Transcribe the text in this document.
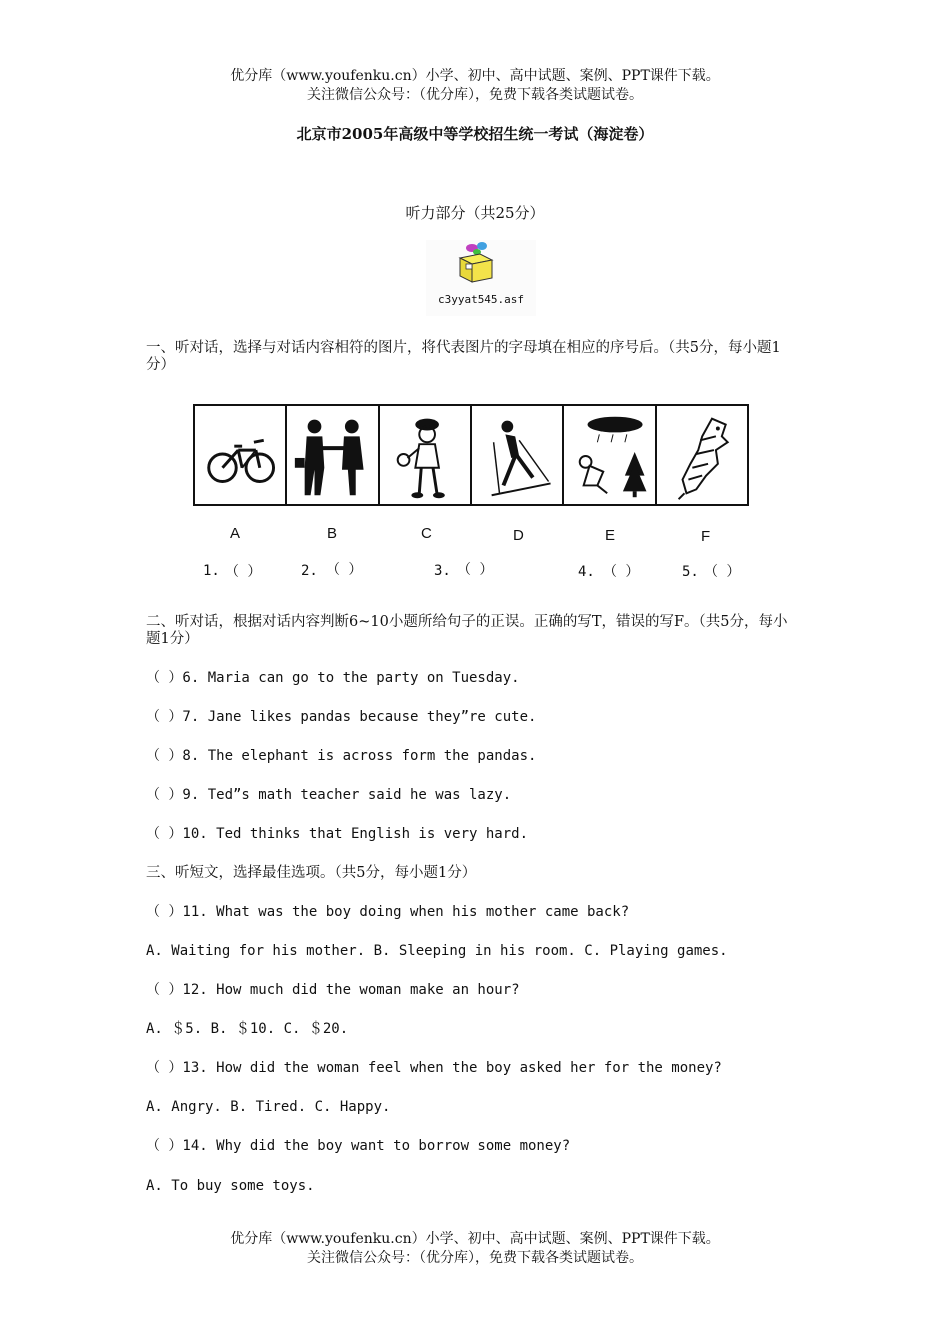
优分库（www.youfenku.cn）小学、初中、高中试题、案例、PPT课件下载。
关注微信公众号：（优分库），免费下载各类试题试卷。
北京市2005年高级中等学校招生统一考试（海淀卷）
听力部分（共25分）
c3yyat545.asf
一、听对话，选择与对话内容相符的图片，将代表图片的字母填在相应的序号后。（共5分，每小题1分）
A	B	C	D	E	F
1. （ ）	2. （ ）	3. （ ）	4. （ ）	5. （ ）
二、听对话，根据对话内容判断6~10小题所给句子的正误。正确的写T，错误的写F。（共5分，每小题1分）
（ ）6. Maria can go to the party on Tuesday.
（ ）7. Jane likes pandas because they”re cute.
（ ）8. The elephant is across form the pandas.
（ ）9. Ted”s math teacher said he was lazy.
（ ）10. Ted thinks that English is very hard.
三、听短文，选择最佳选项。（共5分，每小题1分）
（ ）11. What was the boy doing when his mother came back?
A. Waiting for his mother. B. Sleeping in his room. C. Playing games.
（ ）12. How much did the woman make an hour?
A. ＄5. B. ＄10. C. ＄20.
（ ）13. How did the woman feel when the boy asked her for the money?
A. Angry. B. Tired. C. Happy.
（ ）14. Why did the boy want to borrow some money?
A. To buy some toys.
优分库（www.youfenku.cn）小学、初中、高中试题、案例、PPT课件下载。
关注微信公众号：（优分库），免费下载各类试题试卷。
